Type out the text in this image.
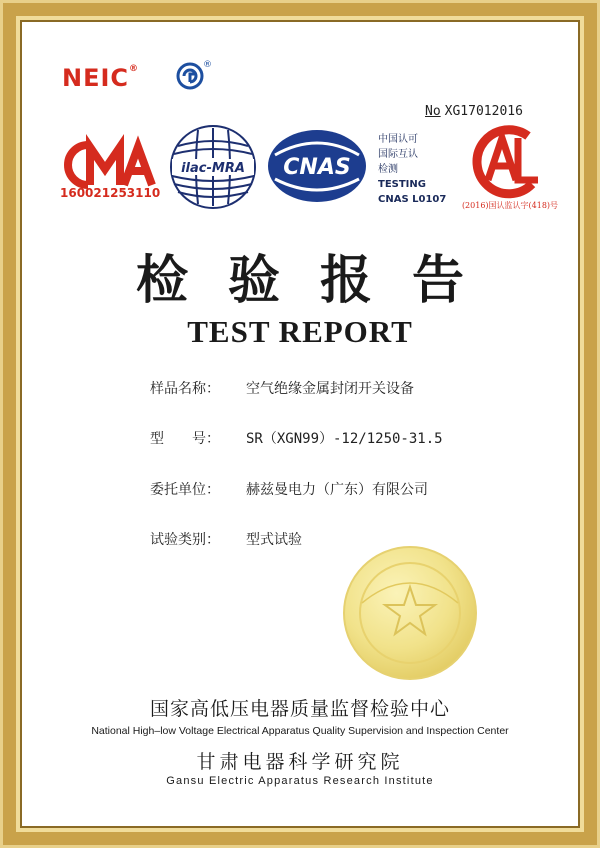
NEIC®	®
No XG17012016
160021253110
ilac-MRA CNAS
中国认可
国际互认
检测
TESTING
CNAS L0107
(2016)国认监认字(418)号
检验报告
TEST REPORT
样品名称： 空气绝缘金属封闭开关设备
型　　号： SR（XGN99）-12/1250-31.5
委托单位： 赫兹曼电力（广东）有限公司
试验类别： 型式试验
国家高低压电器质量监督检验中心
National High–low Voltage Electrical Apparatus Quality Supervision and Inspection Center
甘肃电器科学研究院
Gansu Electric Apparatus Research Institute
